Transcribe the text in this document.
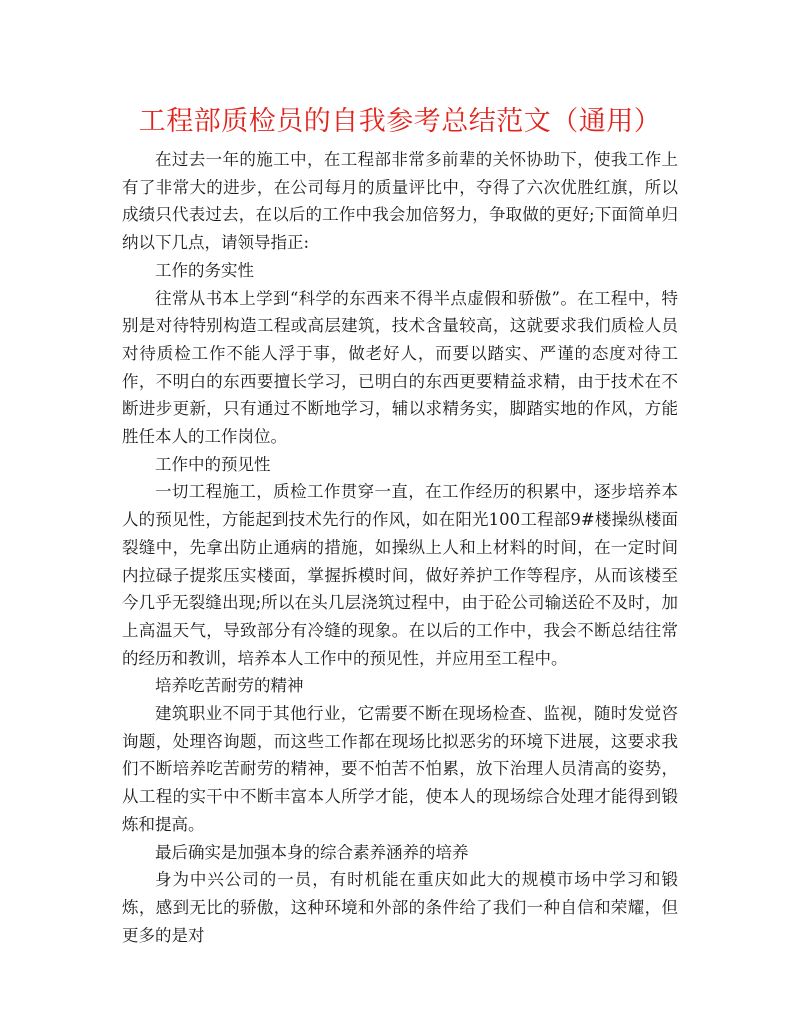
工程部质检员的自我参考总结范文（通用）

在过去一年的施工中，在工程部非常多前辈的关怀协助下，使我工作上有了非常大的进步，在公司每月的质量评比中，夺得了六次优胜红旗，所以成绩只代表过去，在以后的工作中我会加倍努力，争取做的更好;下面简单归纳以下几点，请领导指正:

工作的务实性

往常从书本上学到“科学的东西来不得半点虚假和骄傲”。在工程中，特别是对待特别构造工程或高层建筑，技术含量较高，这就要求我们质检人员对待质检工作不能人浮于事，做老好人，而要以踏实、严谨的态度对待工作，不明白的东西要擅长学习，已明白的东西更要精益求精，由于技术在不断进步更新，只有通过不断地学习，辅以求精务实，脚踏实地的作风，方能胜任本人的工作岗位。

工作中的预见性

一切工程施工，质检工作贯穿一直，在工作经历的积累中，逐步培养本人的预见性，方能起到技术先行的作风，如在阳光100工程部9#楼操纵楼面裂缝中，先拿出防止通病的措施，如操纵上人和上材料的时间，在一定时间内拉碌子提浆压实楼面，掌握拆模时间，做好养护工作等程序，从而该楼至今几乎无裂缝出现;所以在头几层浇筑过程中，由于砼公司输送砼不及时，加上高温天气，导致部分有冷缝的现象。在以后的工作中，我会不断总结往常的经历和教训，培养本人工作中的预见性，并应用至工程中。

培养吃苦耐劳的精神

建筑职业不同于其他行业，它需要不断在现场检查、监视，随时发觉咨询题，处理咨询题，而这些工作都在现场比拟恶劣的环境下进展，这要求我们不断培养吃苦耐劳的精神，要不怕苦不怕累，放下治理人员清高的姿势，从工程的实干中不断丰富本人所学才能，使本人的现场综合处理才能得到锻炼和提高。

最后确实是加强本身的综合素养涵养的培养

身为中兴公司的一员，有时机能在重庆如此大的规模市场中学习和锻炼，感到无比的骄傲，这种环境和外部的条件给了我们一种自信和荣耀，但更多的是对
